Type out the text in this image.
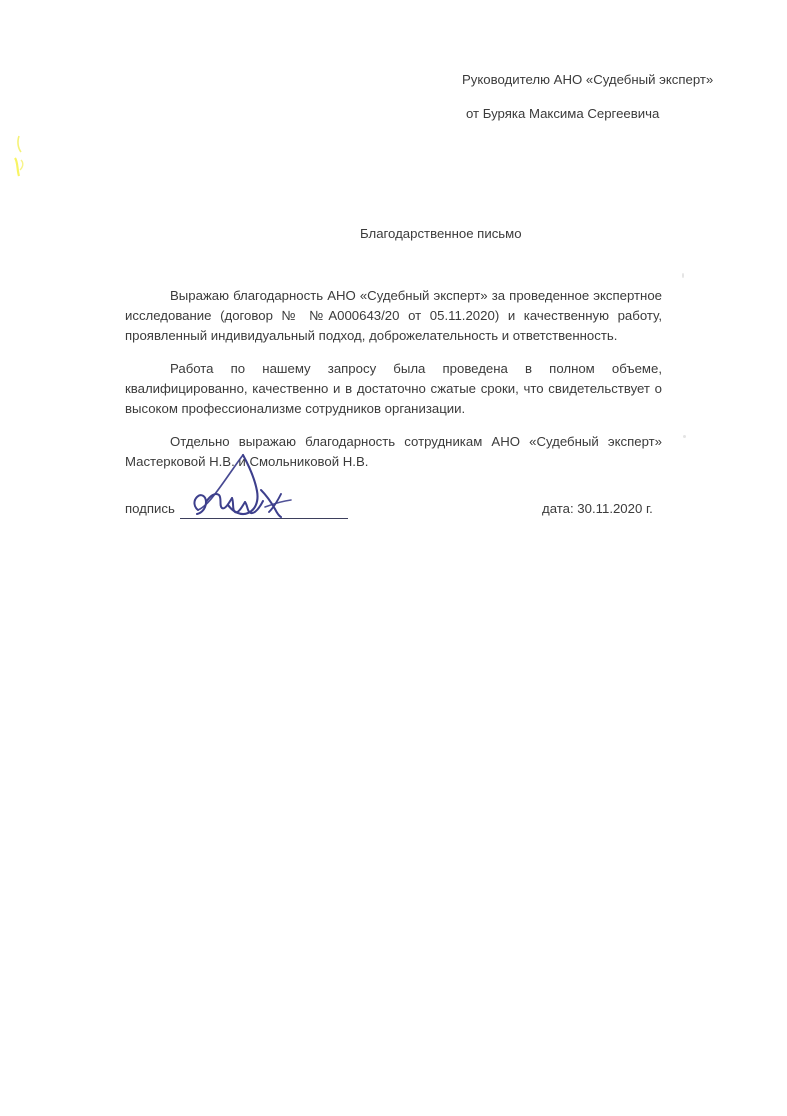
Руководителю АНО «Судебный эксперт»
от Буряка Максима Сергеевича
Благодарственное письмо

Выражаю благодарность АНО «Судебный эксперт» за проведенное экспертное исследование (договор № №А000643/20 от 05.11.2020) и качественную работу, проявленный индивидуальный подход, доброжелательность и ответственность.

Работа по нашему запросу была проведена в полном объеме, квалифицированно, качественно и в достаточно сжатые сроки, что свидетельствует о высоком профессионализме сотрудников организации.

Отдельно выражаю благодарность сотрудникам АНО «Судебный эксперт» Мастерковой Н.В. и Смольниковой Н.В.

подпись	дата: 30.11.2020 г.
